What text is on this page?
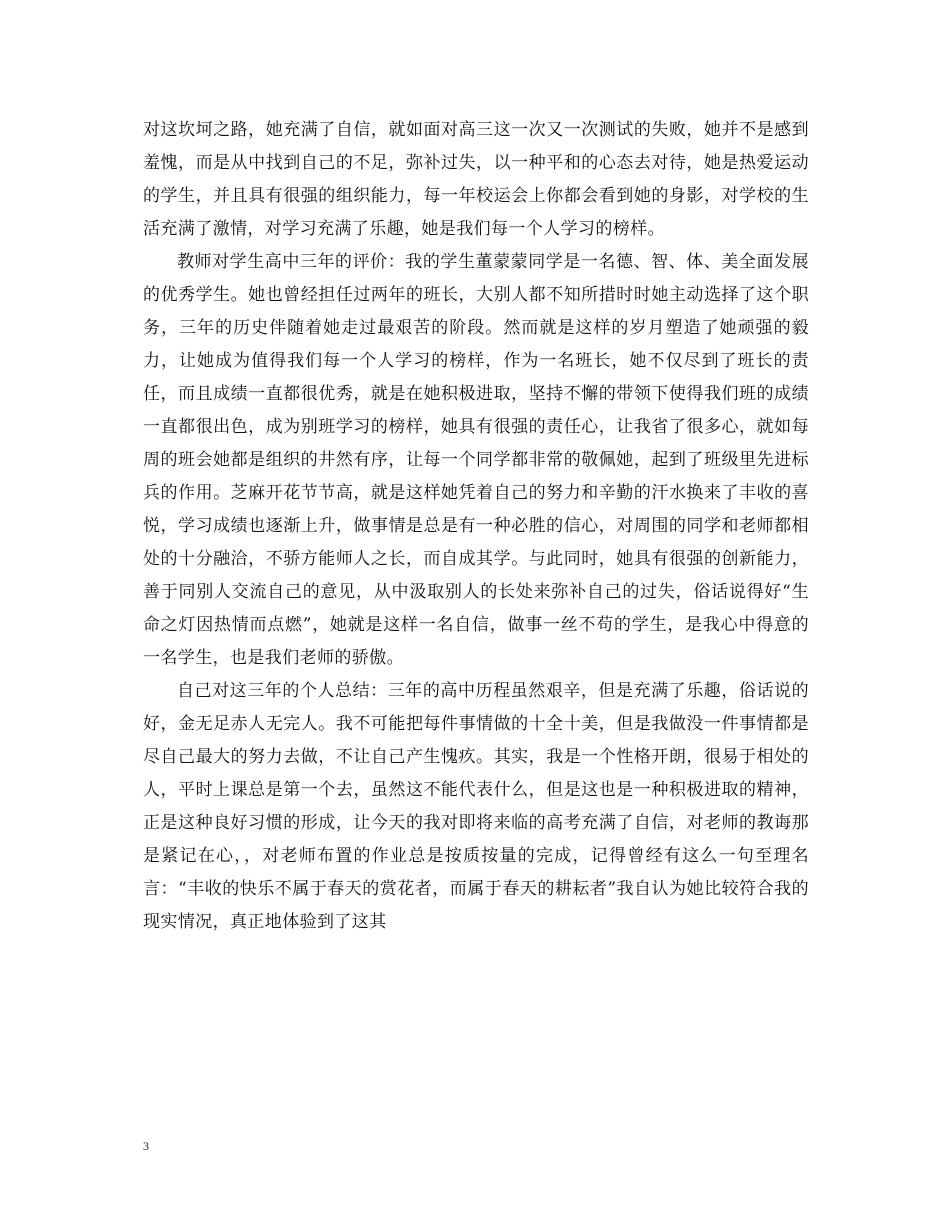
对这坎坷之路，她充满了自信，就如面对高三这一次又一次测试的失败，她并不是感到羞愧，而是从中找到自己的不足，弥补过失，以一种平和的心态去对待，她是热爱运动的学生，并且具有很强的组织能力，每一年校运会上你都会看到她的身影，对学校的生活充满了激情，对学习充满了乐趣，她是我们每一个人学习的榜样。

教师对学生高中三年的评价：我的学生董蒙蒙同学是一名德、智、体、美全面发展的优秀学生。她也曾经担任过两年的班长，大别人都不知所措时时她主动选择了这个职务，三年的历史伴随着她走过最艰苦的阶段。然而就是这样的岁月塑造了她顽强的毅力，让她成为值得我们每一个人学习的榜样，作为一名班长，她不仅尽到了班长的责任，而且成绩一直都很优秀，就是在她积极进取，坚持不懈的带领下使得我们班的成绩一直都很出色，成为别班学习的榜样，她具有很强的责任心，让我省了很多心，就如每周的班会她都是组织的井然有序，让每一个同学都非常的敬佩她，起到了班级里先进标兵的作用。芝麻开花节节高，就是这样她凭着自己的努力和辛勤的汗水换来了丰收的喜悦，学习成绩也逐渐上升，做事情是总是有一种必胜的信心，对周围的同学和老师都相处的十分融洽，不骄方能师人之长，而自成其学。与此同时，她具有很强的创新能力，善于同别人交流自己的意见，从中汲取别人的长处来弥补自己的过失，俗话说得好“生命之灯因热情而点燃”，她就是这样一名自信，做事一丝不苟的学生，是我心中得意的一名学生，也是我们老师的骄傲。

自己对这三年的个人总结：三年的高中历程虽然艰辛，但是充满了乐趣，俗话说的好，金无足赤人无完人。我不可能把每件事情做的十全十美，但是我做没一件事情都是尽自己最大的努力去做，不让自己产生愧疚。其实，我是一个性格开朗，很易于相处的人，平时上课总是第一个去，虽然这不能代表什么，但是这也是一种积极进取的精神，正是这种良好习惯的形成，让今天的我对即将来临的高考充满了自信，对老师的教诲那是紧记在心，，对老师布置的作业总是按质按量的完成，记得曾经有这么一句至理名言：“丰收的快乐不属于春天的赏花者，而属于春天的耕耘者”我自认为她比较符合我的现实情况，真正地体验到了这其

3
